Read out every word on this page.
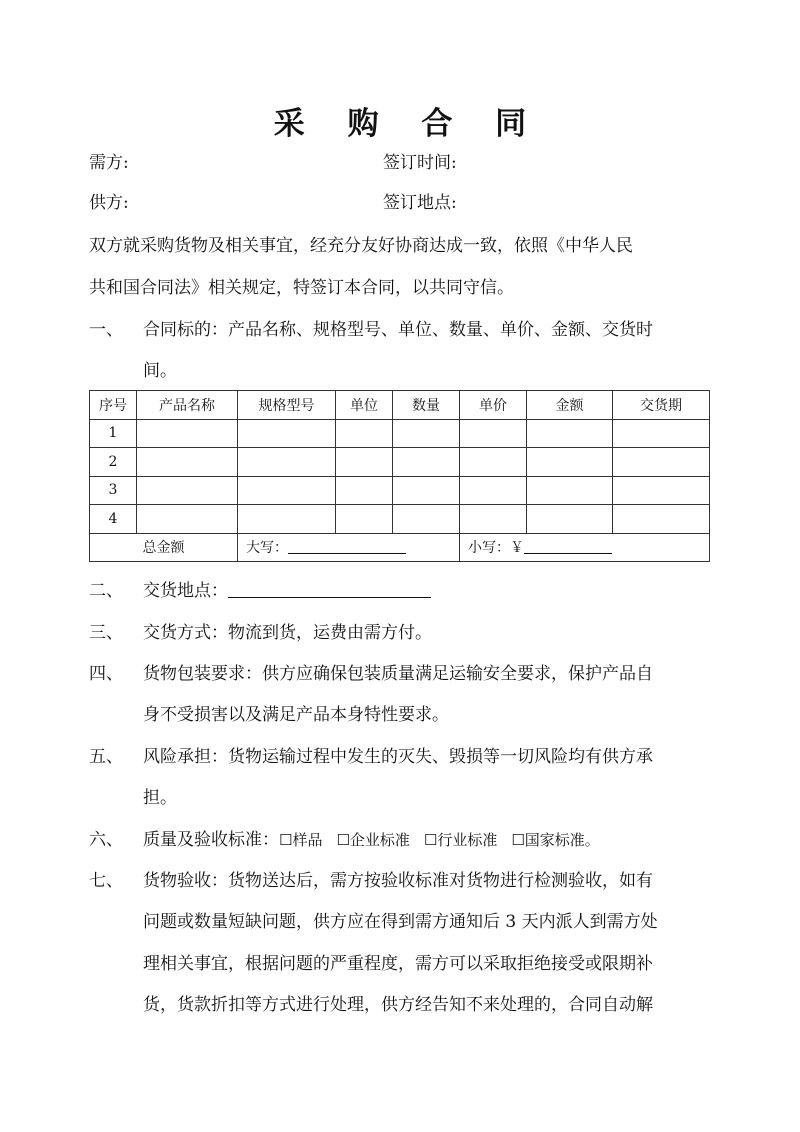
采 购 合 同
需方:	签订时间:
供方:	签订地点:
双方就采购货物及相关事宜，经充分友好协商达成一致，依照《中华人民
共和国合同法》相关规定，特签订本合同，以共同守信。
一、 合同标的：产品名称、规格型号、单位、数量、单价、金额、交货时
间。
序号	产品名称	规格型号	单位	数量	单价	金额	交货期
1							
2							
3							
4							
总金额		大写：			小写：￥		
二、 交货地点：
三、 交货方式：物流到货，运费由需方付。
四、 货物包装要求：供方应确保包装质量满足运输安全要求，保护产品自
身不受损害以及满足产品本身特性要求。
五、 风险承担：货物运输过程中发生的灭失、毁损等一切风险均有供方承
担。
六、 质量及验收标准：☐样品 ☐企业标准 ☐行业标准 ☐国家标准。
七、 货物验收：货物送达后，需方按验收标准对货物进行检测验收，如有
问题或数量短缺问题，供方应在得到需方通知后 3 天内派人到需方处
理相关事宜，根据问题的严重程度，需方可以采取拒绝接受或限期补
货，货款折扣等方式进行处理，供方经告知不来处理的，合同自动解
